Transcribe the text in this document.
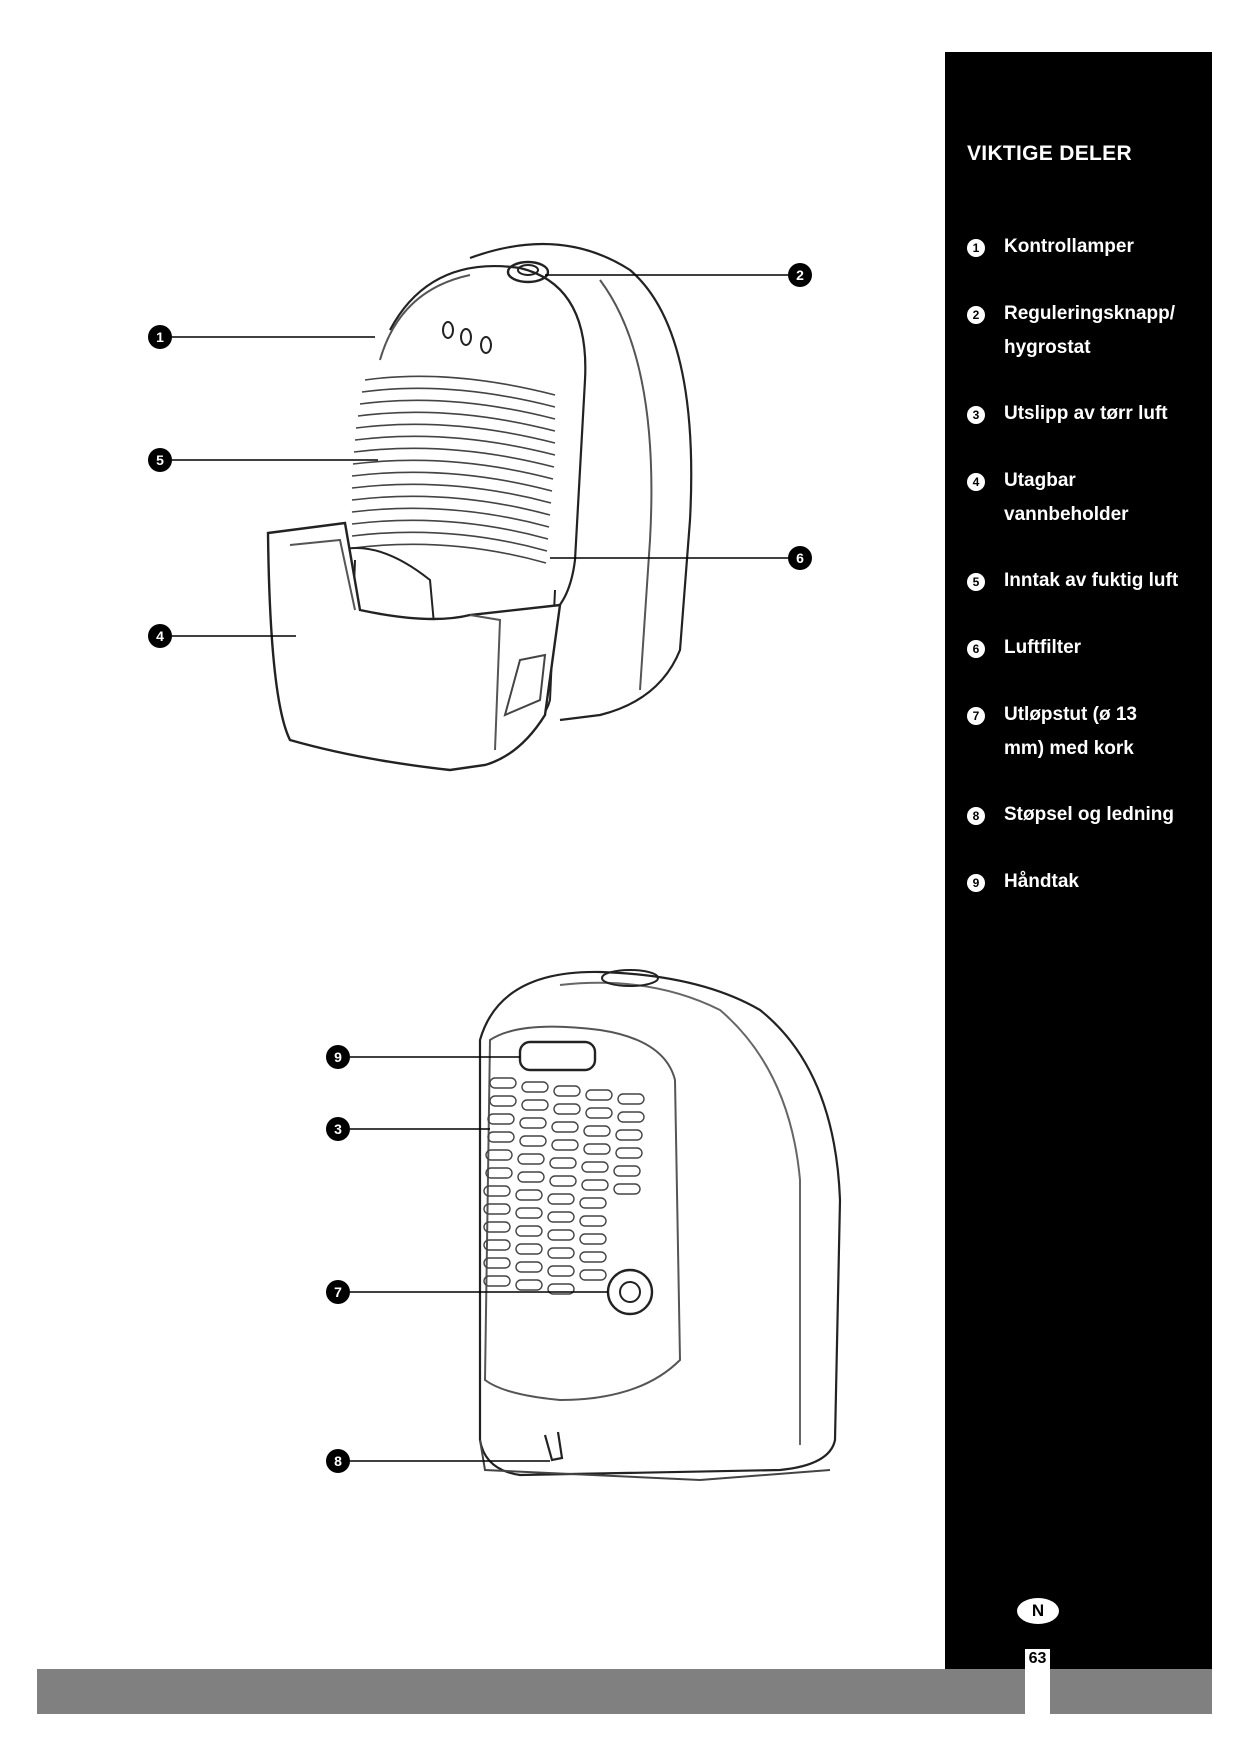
1
2
5
6
4
9
3
7
8
VIKTIGE DELER
1 Kontrollamper
2 Reguleringsknapp/ hygrostat
3 Utslipp av tørr luft
4 Utagbar vannbeholder
5 Inntak av fuktig luft
6 Luftfilter
7 Utløpstut (ø 13 mm) med kork
8 Støpsel og ledning
9 Håndtak
N
63
